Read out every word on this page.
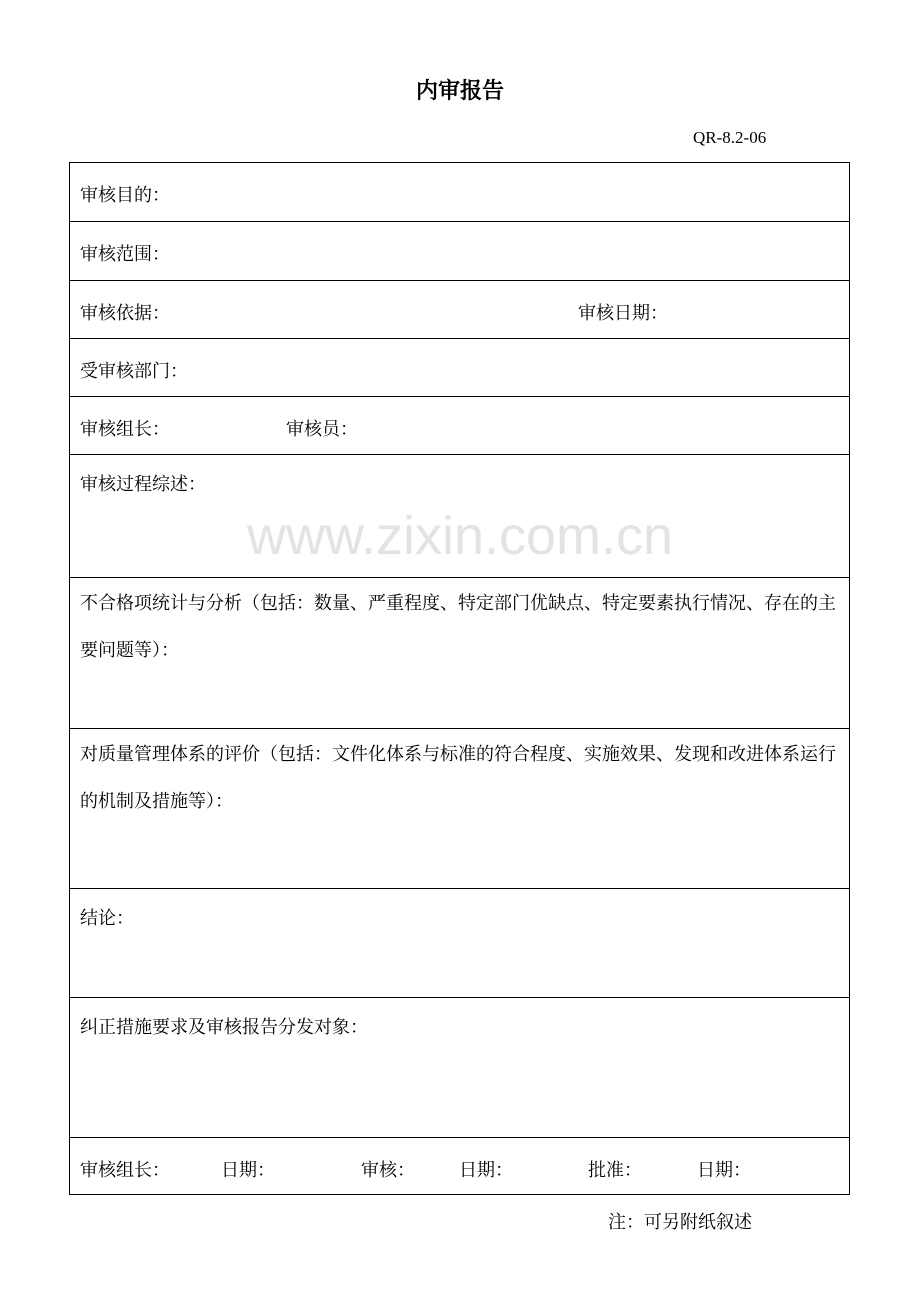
内审报告
QR-8.2-06
审核目的：
审核范围：
审核依据：	审核日期：
受审核部门：
审核组长：	审核员：
审核过程综述：
不合格项统计与分析（包括：数量、严重程度、特定部门优缺点、特定要素执行情况、存在的主要问题等）：
对质量管理体系的评价（包括：文件化体系与标准的符合程度、实施效果、发现和改进体系运行的机制及措施等）：
结论：
纠正措施要求及审核报告分发对象：
审核组长：	日期：	审核： 日期：	批准：	日期：
www.zixin.com.cn
注：可另附纸叙述
